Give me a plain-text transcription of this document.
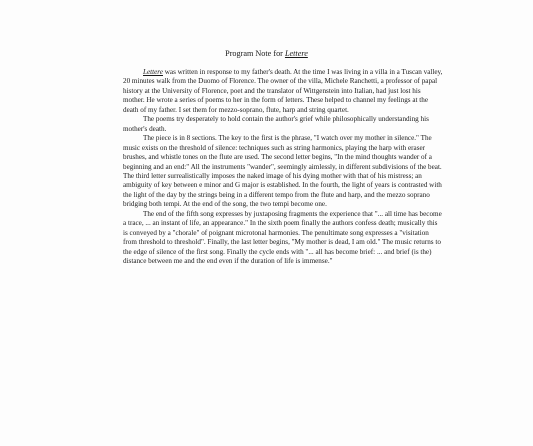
Program Note for Lettere

Lettere was written in response to my father's death. At the time I was living in a villa in a Tuscan valley, 20 minutes walk from the Duomo of Florence. The owner of the villa, Michele Ranchetti, a professor of papal history at the University of Florence, poet and the translator of Wittgenstein into Italian, had just lost his mother. He wrote a series of poems to her in the form of letters. These helped to channel my feelings at the death of my father. I set them for mezzo-soprano, flute, harp and string quartet.

The poems try desperately to hold contain the author's grief while philosophically understanding his mother's death.

The piece is in 8 sections. The key to the first is the phrase, "I watch over my mother in silence." The music exists on the threshold of silence: techniques such as string harmonics, playing the harp with eraser brushes, and whistle tones on the flute are used. The second letter begins, "In the mind thoughts wander of a beginning and an end:" All the instruments "wander", seemingly aimlessly, in different subdivisions of the beat. The third letter surrealistically imposes the naked image of his dying mother with that of his mistress; an ambiguity of key between e minor and G major is established. In the fourth, the light of years is contrasted with the light of the day by the strings being in a different tempo from the flute and harp, and the mezzo soprano bridging both tempi. At the end of the song, the two tempi become one.

The end of the fifth song expresses by juxtaposing fragments the experience that "... all time has become a trace, ... an instant of life, an appearance." In the sixth poem finally the authors confess death; musically this is conveyed by a "chorale" of poignant microtonal harmonies. The penultimate song expresses a "visitation from threshold to threshold". Finally, the last letter begins, "My mother is dead, I am old." The music returns to the edge of silence of the first song. Finally the cycle ends with "... all has become brief: ... and brief (is the) distance between me and the end even if the duration of life is immense."
